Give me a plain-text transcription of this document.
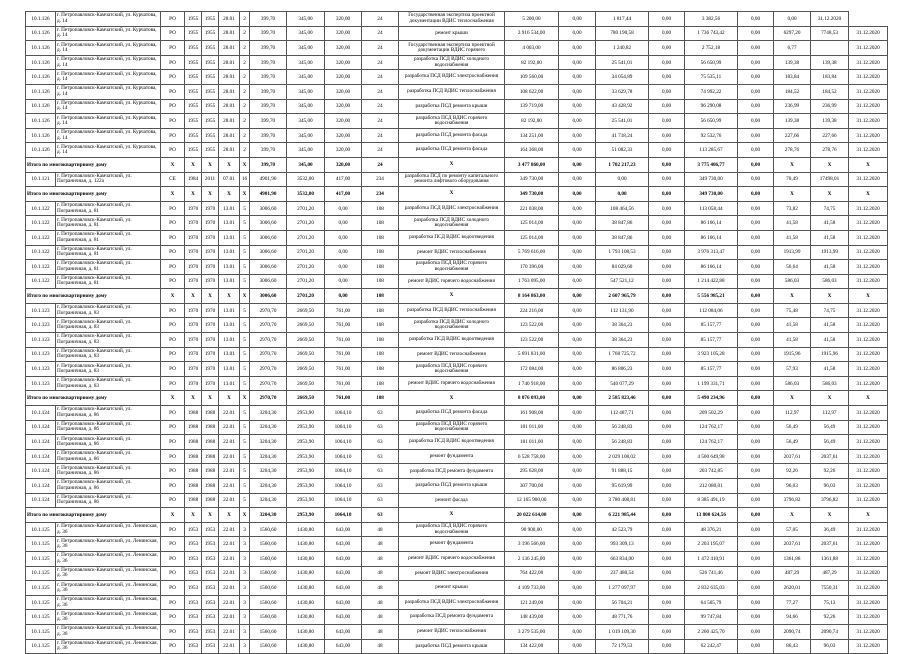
10.1.126	г. Петропавловск-Камчатский, ул. Курчатова, д. 14	РО	1955	1955	28.01	2	399,70	345,00	320,00	24	Государственная экспертиза проектной документации ВДИС теплоснабжения	5 200,00	0,00	1 817,44	0,00	3 382,56	0,00	0,00	31.12.2020	
10.1.126	г. Петропавловск-Камчатский, ул. Курчатова, д. 14	РО	1955	1955	28.01	2	399,70	345,00	320,00	24	ремонт крыши	2 916 534,00	0,00	780 190,58	0,00	1 736 743,42	0,00	6297,20	7748,53	31.12.2020
10.1.126	г. Петропавловск-Камчатский, ул. Курчатова, д. 14	РО	1955	1955	28.01	2	399,70	345,00	320,00	24	Государственная экспертиза проектной документации ВДИС горячего	4 003,00	0,00	1 240,82	0,00	2 752,18	0,00	6,77		31.12.2020
10.1.126	г. Петропавловск-Камчатский, ул. Курчатова, д. 14	РО	1955	1955	28.01	2	399,70	345,00	320,00	24	разработка ПСД ВДИС холодного водоснабжения	82 192,00	0,00	25 541,01	0,00	56 650,99	0,00	139,38	139,38	31.12.2020
10.1.126	г. Петропавловск-Камчатский, ул. Курчатова, д. 14	РО	1955	1955	28.01	2	399,70	345,00	320,00	24	разработка ПСД ВДИС электроснабжения	109 560,00	0,00	34 054,89	0,00	75 535,11	0,00	183,84	183,84	31.12.2020
10.1.126	г. Петропавловск-Камчатский, ул. Курчатова, д. 14	РО	1955	1955	28.01	2	399,70	345,00	320,00	24	разработка ПСД ВДИС теплоснабжения	108 622,00	0,00	33 629,78	0,00	74 992,22	0,00	184,52	184,52	31.12.2020
10.1.126	г. Петропавловск-Камчатский, ул. Курчатова, д. 14	РО	1955	1955	28.01	2	399,70	345,00	320,00	24	разработка ПСД ремонта крыши	139 719,00	0,00	43 428,92	0,00	96 290,08	0,00	236,99	236,99	31.12.2020
10.1.126	г. Петропавловск-Камчатский, ул. Курчатова, д. 14	РО	1955	1955	28.01	2	399,70	345,00	320,00	24	разработка ПСД ВДИС горячего водоснабжения	82 192,00	0,00	25 541,01	0,00	56 650,99	0,00	139,38	139,38	31.12.2020
10.1.126	г. Петропавловск-Камчатский, ул. Курчатова, д. 14	РО	1955	1955	28.01	2	399,70	345,00	320,00	24	разработка ПСД ремонта фасада	134 251,00	0,00	41 718,24	0,00	92 532,76	0,00	227,66	227,66	31.12.2020
10.1.126	г. Петропавловск-Камчатский, ул. Курчатова, д. 14	РО	1955	1955	28.01	2	399,70	345,00	320,00	24	разработка ПСД ремонта фасада	164 368,00	0,00	51 082,33	0,00	113 285,67	0,00	278,76	278,76	31.12.2020
Итого по многоквартирному дому		X	X	X	X	X	399,70	345,00	320,00	24	X	3 477 860,00	0,00	1 702 217,23	0,00	3 775 406,77	0,00	X	X	X
10.1.121	г. Петропавловск-Камчатский, ул. Пограничная, д. 122а	СЕ	1984	2011	07.01	16	4901,90	3532,00	417,00	234	разработка ПСД по ремонту капитального ремонта лифтового оборудования	349 730,00	0,00	0,00	0,00	349 730,00	0,00	70,49	17498,01	31.12.2020
Итого по многоквартирному дому		X	X	X	X	X	4901,90	3532,00	417,00	234	X	349 730,00	0,00	0,00	0,00	349 730,00	0,00	X	X	X
10.1.122	г. Петропавловск-Камчатский, ул. Пограничная, д. 81	РО	1970	1970	13.01	5	3006,60	2701,20	0,00	108	разработка ПСД ВДИС электроснабжения	221 038,00	0,00	108 464,56	0,00	113 058,44	0,00	73,82	74,75	31.12.2020
10.1.122	г. Петропавловск-Камчатский, ул. Пограничная, д. 81	РО	1970	1970	13.01	5	3006,60	2701,20	0,00	108	разработка ПСД ВДИС холодного водоснабжения	125 014,00	0,00	38 847,86	0,00	86 166,14	0,00	41,58	41,58	31.12.2020
10.1.122	г. Петропавловск-Камчатский, ул. Пограничная, д. 81	РО	1970	1970	13.01	5	3006,60	2701,20	0,00	108	разработка ПСД ВДИС водоотведения	125 014,00	0,00	38 847,86	0,00	86 166,14	0,00	41,58	41,58	31.12.2020
10.1.122	г. Петропавловск-Камчатский, ул. Пограничная, д. 81	РО	1970	1970	13.01	5	3006,60	2701,20	0,00	108	ремонт ВДИС теплоснабжения	5 769 616,00	0,00	1 793 108,53	0,00	3 976 313,47	0,00	1913,99	1913,99	31.12.2020
10.1.122	г. Петропавловск-Камчатский, ул. Пограничная, д. 81	РО	1970	1970	13.01	5	3006,60	2701,20	0,00	108	разработка ПСД ВДИС горячего водоснабжения	170 396,00	0,00	84 029,60	0,00	86 166,14	0,00	56,64	41,58	31.12.2020
10.1.122	г. Петропавловск-Камчатский, ул. Пограничная, д. 81	РО	1970	1970	13.01	5	3006,60	2701,20	0,00	108	ремонт ВДИС горячего водоснабжения	1 763 095,00	0,00	547 521,12	0,00	1 214 422,88	0,00	586,03	586,03	31.12.2020
Итого по многоквартирному дому		X	X	X	X	X	3006,60	2701,20	0,00	108	X	8 164 863,00	0,00	2 607 965,79	0,00	5 556 985,21	0,00	X	X	X
10.1.123	г. Петропавловск-Камчатский, ул. Пограничная, д. 83	РО	1970	1970	13.01	5	2970,70	2669,50	761,00	108	разработка ПСД ВДИС теплоснабжения	224 216,00	0,00	112 131,90	0,00	112 084,06	0,00	75,48	74,75	31.12.2020
10.1.123	г. Петропавловск-Камчатский, ул. Пограничная, д. 83	РО	1970	1970	13.01	5	2970,70	2669,50	761,00	108	разработка ПСД ВДИС холодного водоснабжения	123 522,00	0,00	38 364,23	0,00	85 157,77	0,00	41,58	41,58	31.12.2020
10.1.123	г. Петропавловск-Камчатский, ул. Пограничная, д. 83	РО	1970	1970	13.01	5	2970,70	2669,50	761,00	108	разработка ПСД ВДИС водоотведения	123 522,00	0,00	38 364,23	0,00	85 157,77	0,00	41,58	41,58	31.12.2020
10.1.123	г. Петропавловск-Камчатский, ул. Пограничная, д. 83	РО	1970	1970	13.01	5	2970,70	2669,50	761,00	108	ремонт ВДИС теплоснабжения	5 691 831,00	0,00	1 768 725,72	0,00	3 923 105,28	0,00	1915,96	1915,96	31.12.2020
10.1.123	г. Петропавловск-Камчатский, ул. Пограничная, д. 83	РО	1970	1970	13.01	5	2970,70	2669,50	761,00	108	разработка ПСД ВДИС горячего водоснабжения	172 084,00	0,00	86 806,23	0,00	85 157,77	0,00	57,93	41,58	31.12.2020
10.1.123	г. Петропавловск-Камчатский, ул. Пограничная, д. 83	РО	1970	1970	13.01	5	2970,70	2669,50	761,00	108	ремонт ВДИС горячего водоснабжения	1 740 918,00	0,00	540 077,29	0,00	1 199 331,71	0,00	586,03	586,03	31.12.2020
Итого по многоквартирному дому		X	X	X	X	X	2970,70	2669,50	761,00	108	X	8 076 093,00	0,00	2 585 823,46	0,00	5 490 234,96	0,00	X	X	X
10.1.124	г. Петропавловск-Камчатский, ул. Пограничная, д. 86	РО	1988	1988	22.01	5	3204,30	2953,90	1064,10	63	разработка ПСД ремонта фасада	161 908,00	0,00	112 487,71	0,00	209 502,29	0,00	112,97	112,97	31.12.2020
10.1.124	г. Петропавловск-Камчатский, ул. Пограничная, д. 86	РО	1988	1988	22.01	5	3204,30	2953,90	1064,10	63	разработка ПСД ВДИС горячего водоснабжения	181 011,00	0,00	56 248,83	0,00	124 762,17	0,00	56,49	56,49	31.12.2020
10.1.124	г. Петропавловск-Камчатский, ул. Пограничная, д. 86	РО	1988	1988	22.01	5	3204,30	2953,90	1064,10	63	разработка ПСД ВДИС водоотведения	181 011,00	0,00	56 248,83	0,00	124 762,17	0,00	56,49	56,49	31.12.2020
10.1.124	г. Петропавловск-Камчатский, ул. Пограничная, д. 86	РО	1988	1988	22.01	5	3204,30	2953,90	1064,10	63	ремонт фундамента	6 528 758,00	0,00	2 029 108,02	0,00	4 500 649,98	0,00	2037,61	2037,61	31.12.2020
10.1.124	г. Петропавловск-Камчатский, ул. Пограничная, д. 86	РО	1988	1988	22.01	5	3204,30	2953,90	1064,10	63	разработка ПСД ремонта фундамента	295 628,00	0,00	91 888,15	0,00	203 742,85	0,00	92,26	92,26	31.12.2020
10.1.124	г. Петропавловск-Камчатский, ул. Пограничная, д. 86	РО	1988	1988	22.01	5	3204,30	2953,90	1064,10	63	разработка ПСД ремонта крыши	307 700,00	0,00	95 619,99	0,00	212 080,01	0,00	96,03	96,03	31.12.2020
10.1.124	г. Петропавловск-Камчатский, ул. Пограничная, д. 86	РО	1988	1988	22.01	5	3204,30	2953,90	1064,10	63	ремонт фасада	12 165 900,00	0,00	3 780 408,81	0,00	8 385 491,19	0,00	3796,82	3796,82	31.12.2020
Итого по многоквартирному дому		X	X	X	X	X	3204,30	2953,90	1064,10	63	X	20 022 614,00	0,00	6 221 985,44	0,00	13 800 624,56	0,00	X	X	X
10.1.125	г. Петропавловск-Камчатский, ул. Ленинская, д. 36	РО	1953	1953	22.01	3	1560,60	1430,80	643,00	48	разработка ПСД ВДИС горячего водоснабжения	90 900,00	0,00	42 523,79	0,00	48 376,21	0,00	57,05	36,49	31.12.2020
10.1.125	г. Петропавловск-Камчатский, ул. Ленинская, д. 36	РО	1953	1953	22.01	3	1560,60	1430,80	643,00	48	ремонт фундамента	3 196 566,00	0,00	993 309,13	0,00	2 203 195,07	0,00	2037,61	2037,61	31.12.2020
10.1.125	г. Петропавловск-Камчатский, ул. Ленинская, д. 36	РО	1953	1953	22.01	3	1560,60	1430,80	643,00	48	ремонт ВДИС горячего водоснабжения	2 136 245,00	0,00	663 834,00	0,00	1 472 410,91	0,00	1361,88	1361,88	31.12.2020
10.1.125	г. Петропавловск-Камчатский, ул. Ленинская, д. 36	РО	1953	1953	22.01	3	1560,60	1430,80	643,00	48	ремонт ВДИС электроснабжения	764 422,00	0,00	237 480,54	0,00	526 741,46	0,00	487,29	487,29	31.12.2020
10.1.125	г. Петропавловск-Камчатский, ул. Ленинская, д. 36	РО	1953	1953	22.01	3	1560,60	1430,80	643,00	48	ремонт крыши	4 109 733,00	0,00	1 277 097,97	0,00	2 832 635,03	0,00	2620,01	7550,31	31.12.2020
10.1.125	г. Петропавловск-Камчатский, ул. Ленинская, д. 36	РО	1953	1953	22.01	3	1560,60	1430,80	643,00	48	разработка ПСД ВДИС электроснабжения	121 249,00	0,00	56 704,21	0,00	64 505,79	0,00	77,27	75,13	31.12.2020
10.1.125	г. Петропавловск-Камчатский, ул. Ленинская, д. 36	РО	1953	1953	22.01	3	1560,60	1430,80	643,00	48	разработка ПСД ремонта фундамента	148 439,00	0,00	48 771,76	0,00	99 747,84	0,00	94,66	92,26	31.12.2020
10.1.125	г. Петропавловск-Камчатский, ул. Ленинская, д. 36	РО	1953	1953	22.01	3	1560,60	1430,80	643,00	48	ремонт ВДИС теплоснабжения	3 279 535,00	0,00	1 019 109,30	0,00	2 260 425,70	0,00	2090,74	2090,74	31.12.2020
10.1.125	г. Петропавловск-Камчатский, ул. Ленинская, д. 36	РО	1953	1953	22.01	3	1560,60	1430,80	643,00	48	разработка ПСД ремонта крыши	134 422,00	0,00	72 179,53	0,00	62 242,47	0,00	86,43	96,03	31.12.2020
